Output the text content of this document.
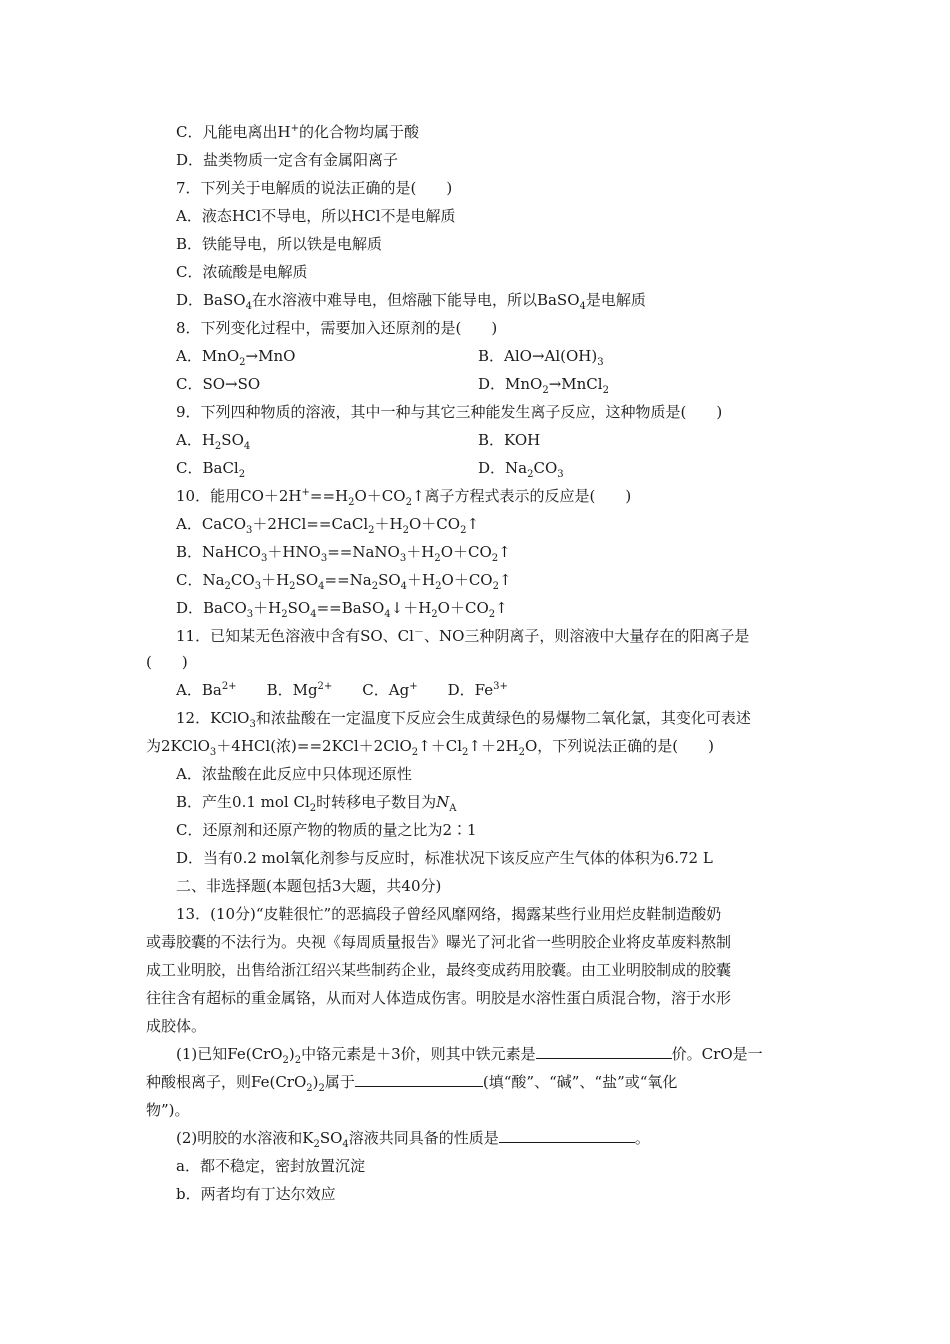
C．凡能电离出H+的化合物均属于酸
D．盐类物质一定含有金属阳离子
7．下列关于电解质的说法正确的是(　　)
A．液态HCl不导电，所以HCl不是电解质
B．铁能导电，所以铁是电解质
C．浓硫酸是电解质
D．BaSO$_4$在水溶液中难导电，但熔融下能导电，所以BaSO$_4$是电解质
8．下列变化过程中，需要加入还原剂的是(　　)
A．MnO$_2$→MnO	B．$AlO\to Al(OH)_3$
C．SO→SO	D．MnO$_2$→MnCl$_2$
9．下列四种物质的溶液，其中一种与其它三种能发生离子反应，这种物质是(　　)
A．$H_2SO_4$	B．KOH
C．BaCl$_2$	D．$Na_2CO_3$
10．能用$CO+2H^+==H_2O+CO_2↑$离子方程式表示的反应是(　　)
A．$CaCO_3+2HCl==CaCl_2+H_2O+CO_2↑$
B．$NaHCO_3+HNO_3==NaNO_3+H_2O+CO_2↑$
C．$Na_2CO_3+H_2SO_4==Na_2SO_4+H_2O+CO_2↑$
D．$BaCO_3+H_2SO_4==BaSO_4↓+H_2O+CO_2↑$
11．已知某无色溶液中含有SO、Cl－、NO三种阴离子，则溶液中大量存在的阳离子是
(　　)
A．$Ba^{2+}$　　B．$Mg^{2+}$　　C．Ag+　　D．$Fe^{3+}$
12．KClO$_3$和浓盐酸在一定温度下反应会生成黄绿色的易爆物二氧化氯，其变化可表述
为2KClO$_3$＋4HCl(浓)$==2KCl+2ClO_2↑+Cl_2↑+2H_2O$，下列说法正确的是(　　)
A．浓盐酸在此反应中只体现还原性
B．产生0.1 mol $Cl_2$时转移电子数目为$N_A$
C．还原剂和还原产物的物质的量之比为2∶1
D．当有0.2 mol氧化剂参与反应时，标准状况下该反应产生气体的体积为6.72 L
二、非选择题(本题包括3大题，共40分)
13．(10分)“皮鞋很忙”的恶搞段子曾经风靡网络，揭露某些行业用烂皮鞋制造酸奶
或毒胶囊的不法行为。央视《每周质量报告》曝光了河北省一些明胶企业将皮革废料熬制
成工业明胶，出售给浙江绍兴某些制药企业，最终变成药用胶囊。由工业明胶制成的胶囊
往往含有超标的重金属铬，从而对人体造成伤害。明胶是水溶性蛋白质混合物，溶于水形
成胶体。
(1)已知$Fe(CrO_2)_2$中铬元素是＋3价，则其中铁元素是	价。CrO是一
种酸根离子，则$Fe(CrO_2)_2$属于	(填“酸”、“碱”、“盐”或“氧化
物”)。
(2)明胶的水溶液和$K_2SO_4$溶液共同具备的性质是	。
a．都不稳定，密封放置沉淀
b．两者均有丁达尔效应
